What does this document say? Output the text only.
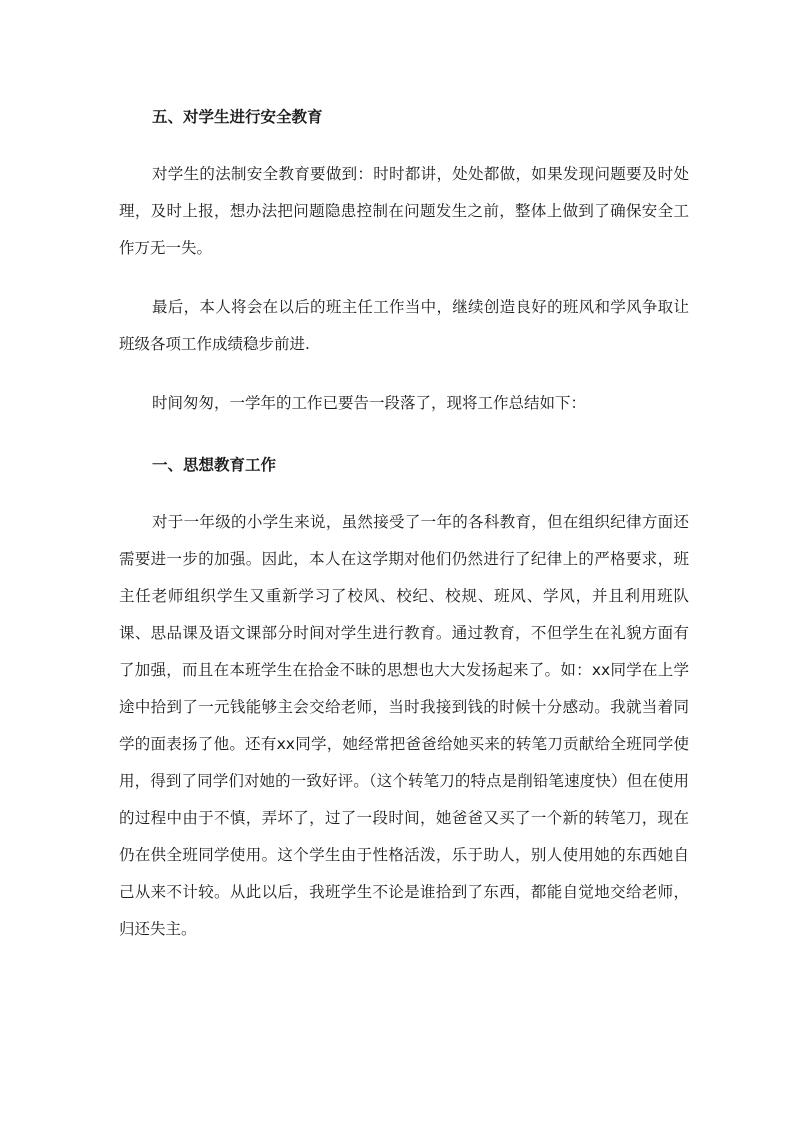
五、对学生进行安全教育

对学生的法制安全教育要做到：时时都讲，处处都做，如果发现问题要及时处理，及时上报，想办法把问题隐患控制在问题发生之前，整体上做到了确保安全工作万无一失。

最后，本人将会在以后的班主任工作当中，继续创造良好的班风和学风争取让班级各项工作成绩稳步前进.

时间匆匆，一学年的工作已要告一段落了，现将工作总结如下：

一、思想教育工作

对于一年级的小学生来说，虽然接受了一年的各科教育，但在组织纪律方面还需要进一步的加强。因此，本人在这学期对他们仍然进行了纪律上的严格要求，班主任老师组织学生又重新学习了校风、校纪、校规、班风、学风，并且利用班队课、思品课及语文课部分时间对学生进行教育。通过教育，不但学生在礼貌方面有了加强，而且在本班学生在拾金不昧的思想也大大发扬起来了。如：xx同学在上学途中拾到了一元钱能够主会交给老师，当时我接到钱的时候十分感动。我就当着同学的面表扬了他。还有xx同学，她经常把爸爸给她买来的转笔刀贡献给全班同学使用，得到了同学们对她的一致好评。（这个转笔刀的特点是削铅笔速度快）但在使用的过程中由于不慎，弄坏了，过了一段时间，她爸爸又买了一个新的转笔刀，现在仍在供全班同学使用。这个学生由于性格活泼，乐于助人，别人使用她的东西她自己从来不计较。从此以后，我班学生不论是谁拾到了东西，都能自觉地交给老师，归还失主。
